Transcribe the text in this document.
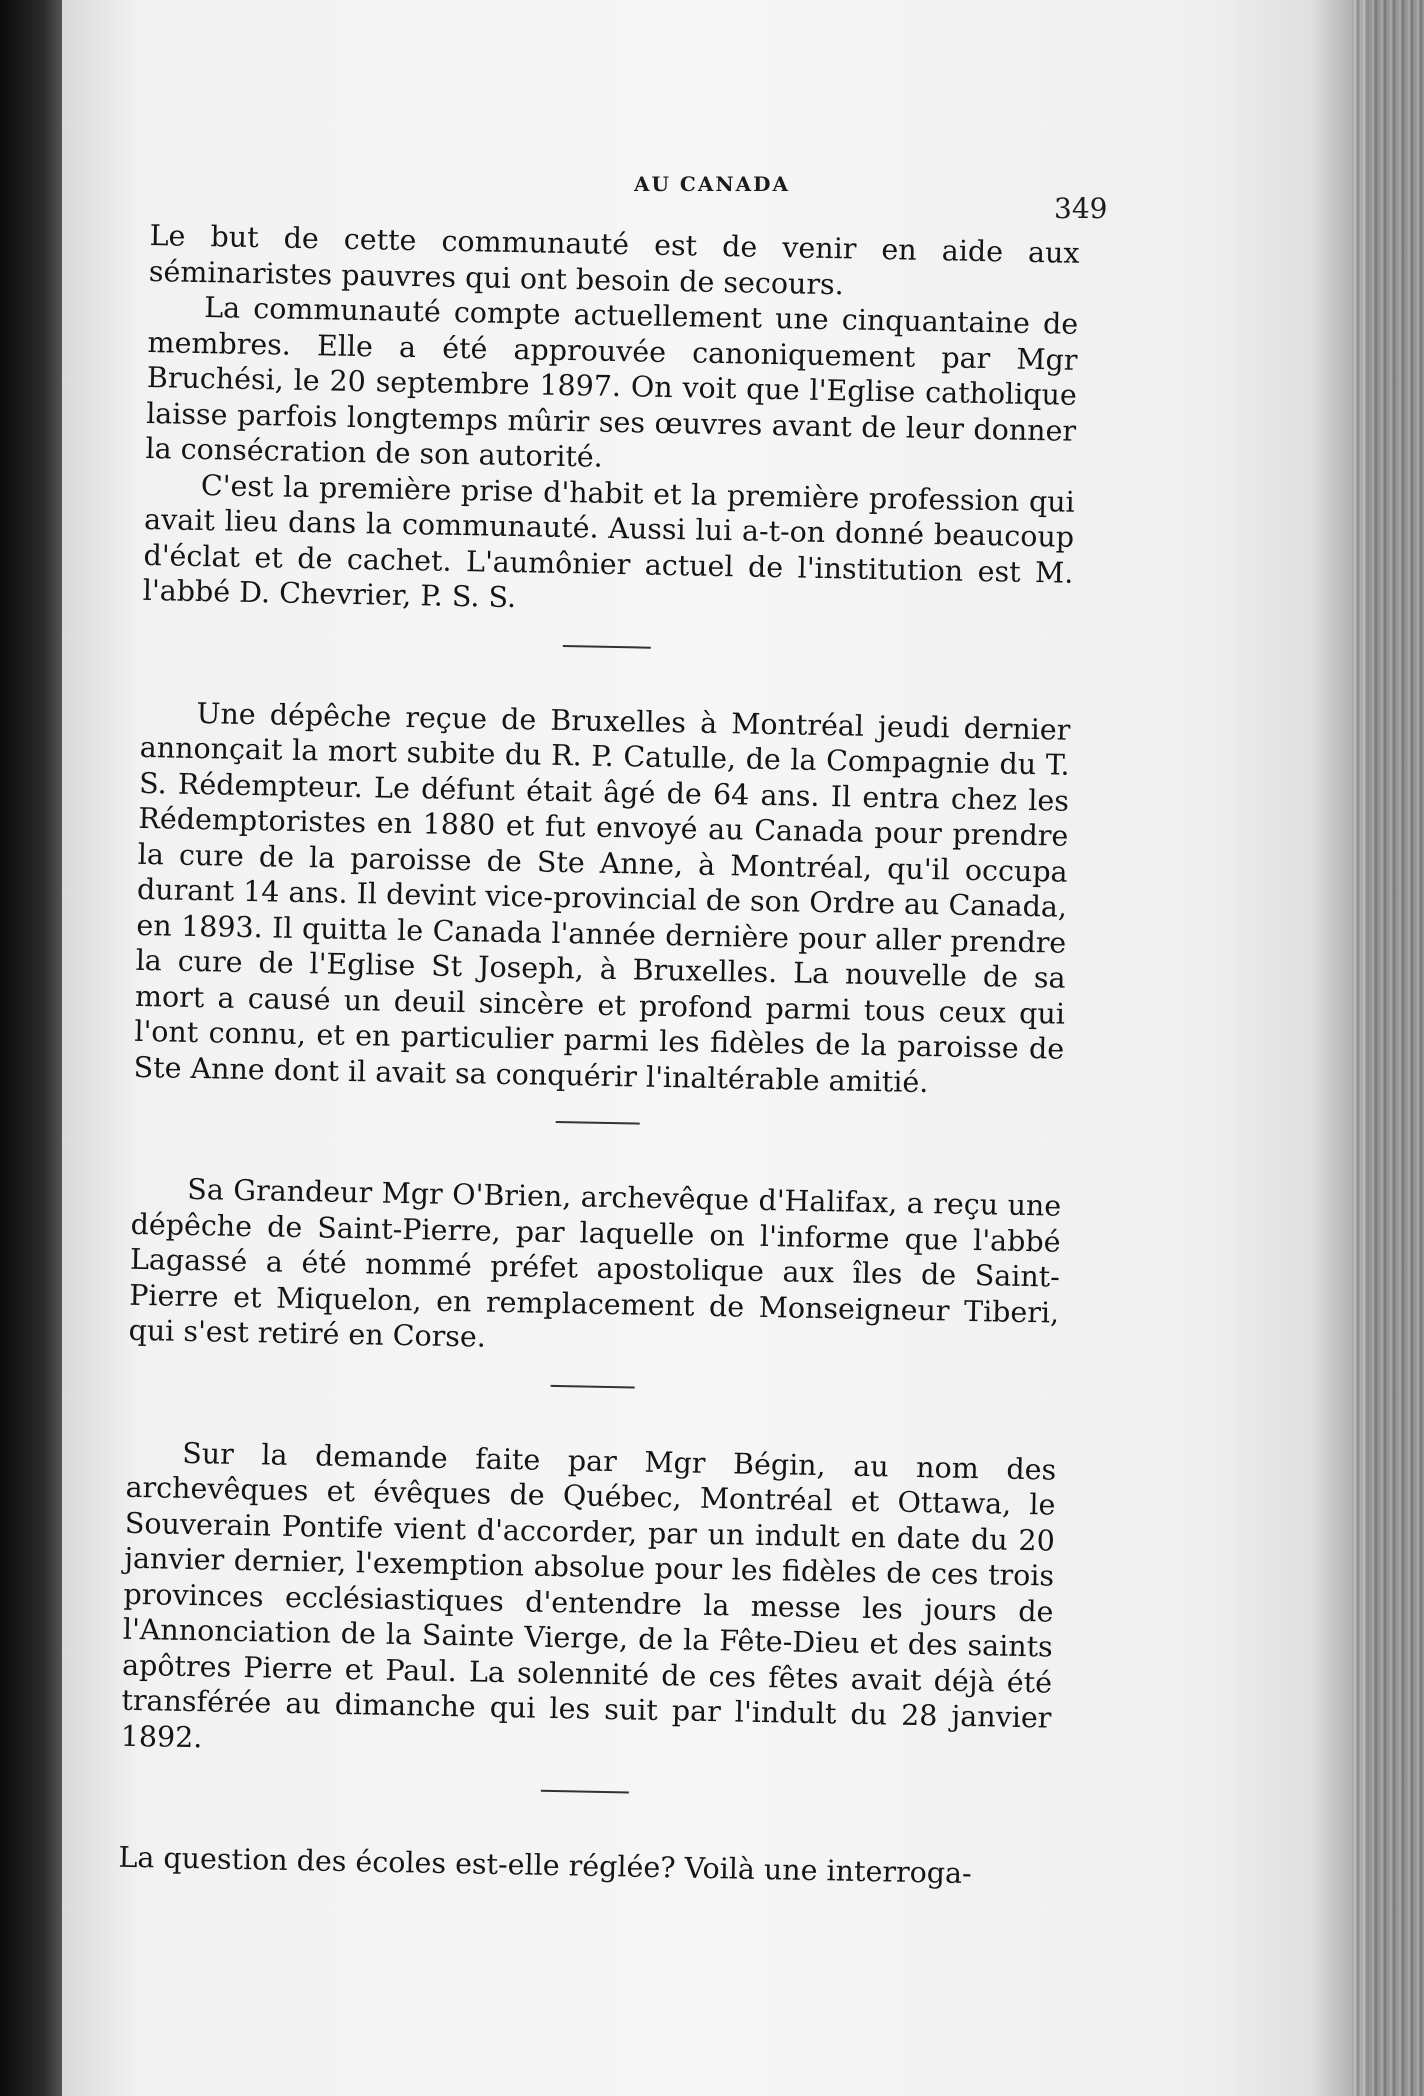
AU CANADA
349

Le but de cette communauté est de venir en aide aux séminaristes pauvres qui ont besoin de secours.

La communauté compte actuellement une cinquantaine de membres. Elle a été approuvée canoniquement par Mgr Bruchési, le 20 septembre 1897. On voit que l'Eglise catholique laisse parfois longtemps mûrir ses œuvres avant de leur donner la consécration de son autorité.

C'est la première prise d'habit et la première profession qui avait lieu dans la communauté. Aussi lui a-t-on donné beaucoup d'éclat et de cachet. L'aumônier actuel de l'institution est M. l'abbé D. Chevrier, P. S. S.

Une dépêche reçue de Bruxelles à Montréal jeudi dernier annonçait la mort subite du R. P. Catulle, de la Compagnie du T. S. Rédempteur. Le défunt était âgé de 64 ans. Il entra chez les Rédemptoristes en 1880 et fut envoyé au Canada pour prendre la cure de la paroisse de Ste Anne, à Montréal, qu'il occupa durant 14 ans. Il devint vice-provincial de son Ordre au Canada, en 1893. Il quitta le Canada l'année dernière pour aller prendre la cure de l'Eglise St Joseph, à Bruxelles. La nouvelle de sa mort a causé un deuil sincère et profond parmi tous ceux qui l'ont connu, et en particulier parmi les fidèles de la paroisse de Ste Anne dont il avait sa conquérir l'inaltérable amitié.

Sa Grandeur Mgr O'Brien, archevêque d'Halifax, a reçu une dépêche de Saint-Pierre, par laquelle on l'informe que l'abbé Lagassé a été nommé préfet apostolique aux îles de Saint-Pierre et Miquelon, en remplacement de Monseigneur Tiberi, qui s'est retiré en Corse.

Sur la demande faite par Mgr Bégin, au nom des archevêques et évêques de Québec, Montréal et Ottawa, le Souverain Pontife vient d'accorder, par un indult en date du 20 janvier dernier, l'exemption absolue pour les fidèles de ces trois provinces ecclésiastiques d'entendre la messe les jours de l'Annonciation de la Sainte Vierge, de la Fête-Dieu et des saints apôtres Pierre et Paul. La solennité de ces fêtes avait déjà été transférée au dimanche qui les suit par l'indult du 28 janvier 1892.

La question des écoles est-elle réglée? Voilà une interroga-
